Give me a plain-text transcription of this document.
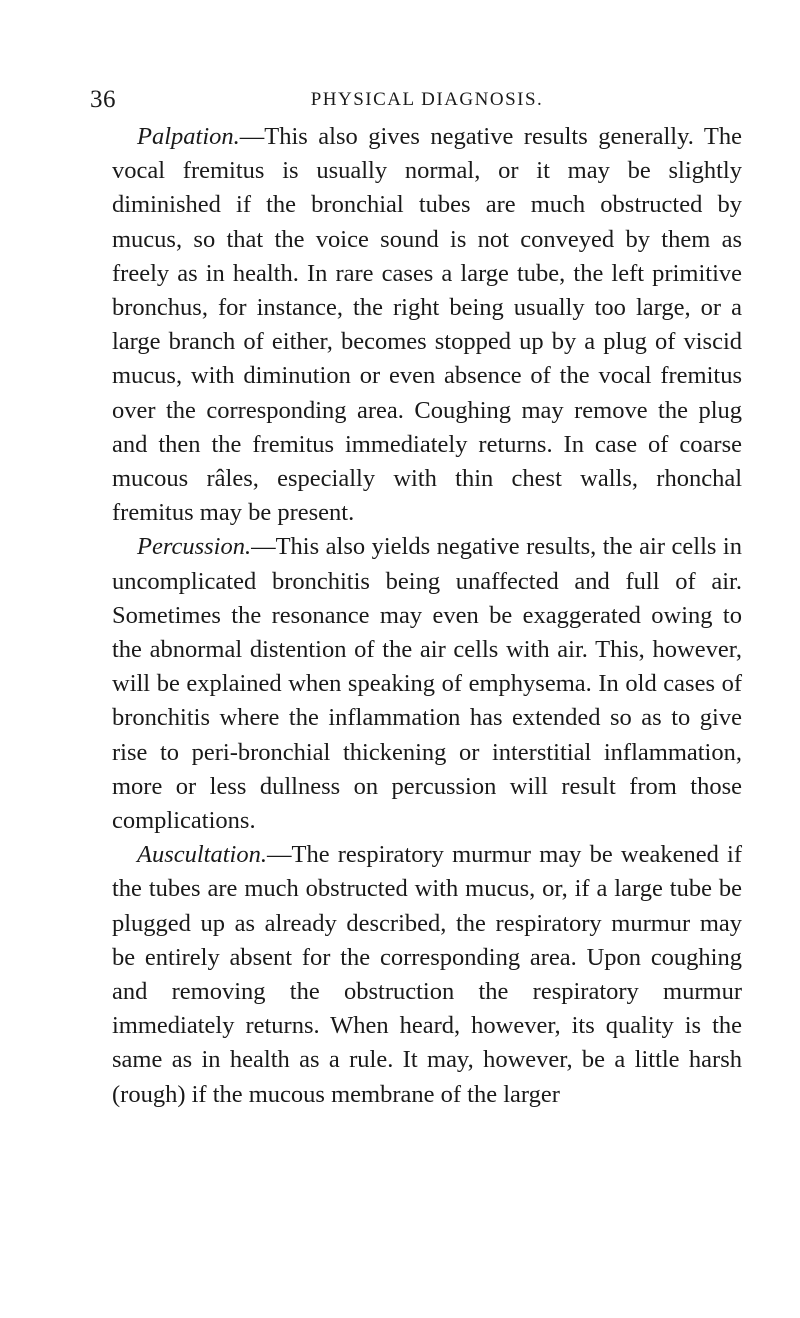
36	PHYSICAL DIAGNOSIS.

Palpation.—This also gives negative results generally. The vocal fremitus is usually normal, or it may be slightly diminished if the bronchial tubes are much obstructed by mucus, so that the voice sound is not conveyed by them as freely as in health. In rare cases a large tube, the left primitive bronchus, for instance, the right being usually too large, or a large branch of either, becomes stopped up by a plug of viscid mucus, with diminution or even absence of the vocal fremitus over the corresponding area. Coughing may remove the plug and then the fremitus immediately returns. In case of coarse mucous râles, especially with thin chest walls, rhonchal fremitus may be present.

Percussion.—This also yields negative results, the air cells in uncomplicated bronchitis being unaffected and full of air. Sometimes the resonance may even be exaggerated owing to the abnormal distention of the air cells with air. This, however, will be explained when speaking of emphysema. In old cases of bronchitis where the inflammation has extended so as to give rise to peri-bronchial thickening or interstitial inflammation, more or less dullness on percussion will result from those complications.

Auscultation.—The respiratory murmur may be weakened if the tubes are much obstructed with mucus, or, if a large tube be plugged up as already described, the respiratory murmur may be entirely absent for the corresponding area. Upon coughing and removing the obstruction the respiratory murmur immediately returns. When heard, however, its quality is the same as in health as a rule. It may, however, be a little harsh (rough) if the mucous membrane of the larger
